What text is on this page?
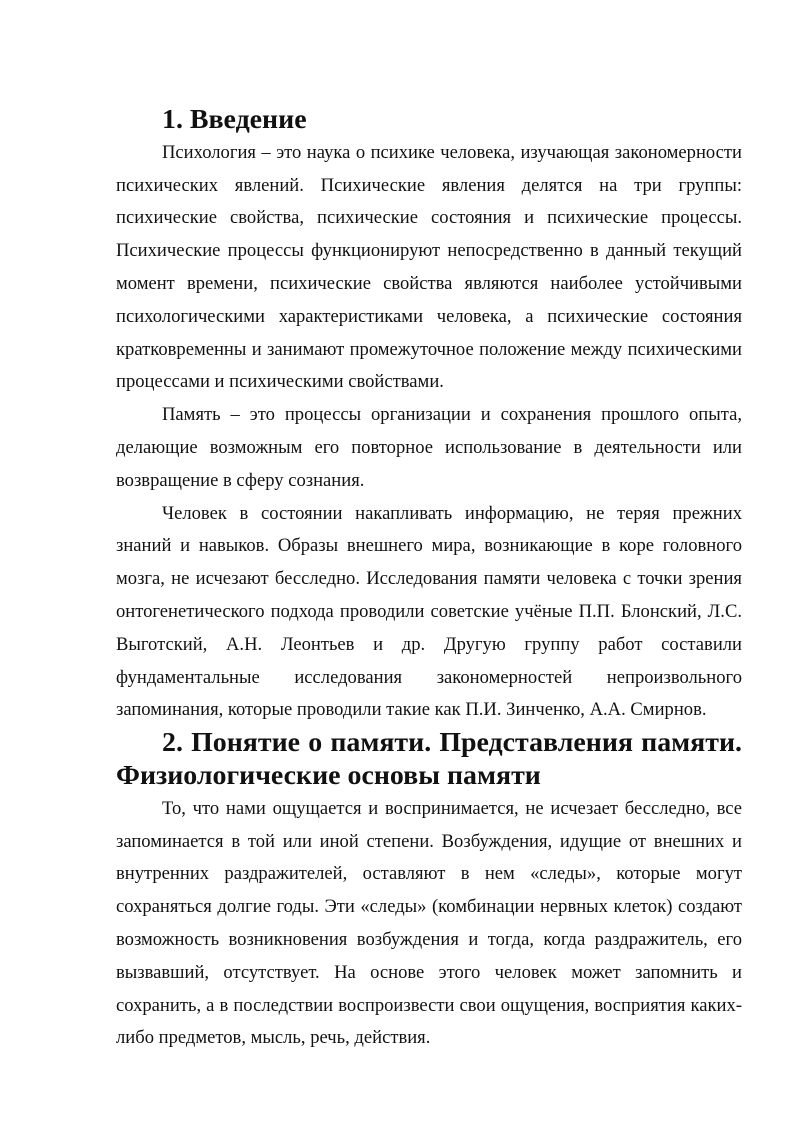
1. Введение

Психология – это наука о психике человека, изучающая закономерности психических явлений. Психические явления делятся на три группы: психические свойства, психические состояния и психические процессы. Психические процессы функционируют непосредственно в данный текущий момент времени, психические свойства являются наиболее устойчивыми психологическими характеристиками человека, а психические состояния кратковременны и занимают промежуточное положение между психическими процессами и психическими свойствами.

Память – это процессы организации и сохранения прошлого опыта, делающие возможным его повторное использование в деятельности или возвращение в сферу сознания.

Человек в состоянии накапливать информацию, не теряя прежних знаний и навыков. Образы внешнего мира, возникающие в коре головного мозга, не исчезают бесследно. Исследования памяти человека с точки зрения онтогенетического подхода проводили советские учёные П.П. Блонский, Л.С. Выготский, А.Н. Леонтьев и др. Другую группу работ составили фундаментальные исследования закономерностей непроизвольного запоминания, которые проводили такие как П.И. Зинченко, А.А. Смирнов.

2. Понятие о памяти. Представления памяти. Физиологические основы памяти

То, что нами ощущается и воспринимается, не исчезает бесследно, все запоминается в той или иной степени. Возбуждения, идущие от внешних и внутренних раздражителей, оставляют в нем «следы», которые могут сохраняться долгие годы. Эти «следы» (комбинации нервных клеток) создают возможность возникновения возбуждения и тогда, когда раздражитель, его вызвавший, отсутствует. На основе этого человек может запомнить и сохранить, а в последствии воспроизвести свои ощущения, восприятия каких- либо предметов, мысль, речь, действия.
